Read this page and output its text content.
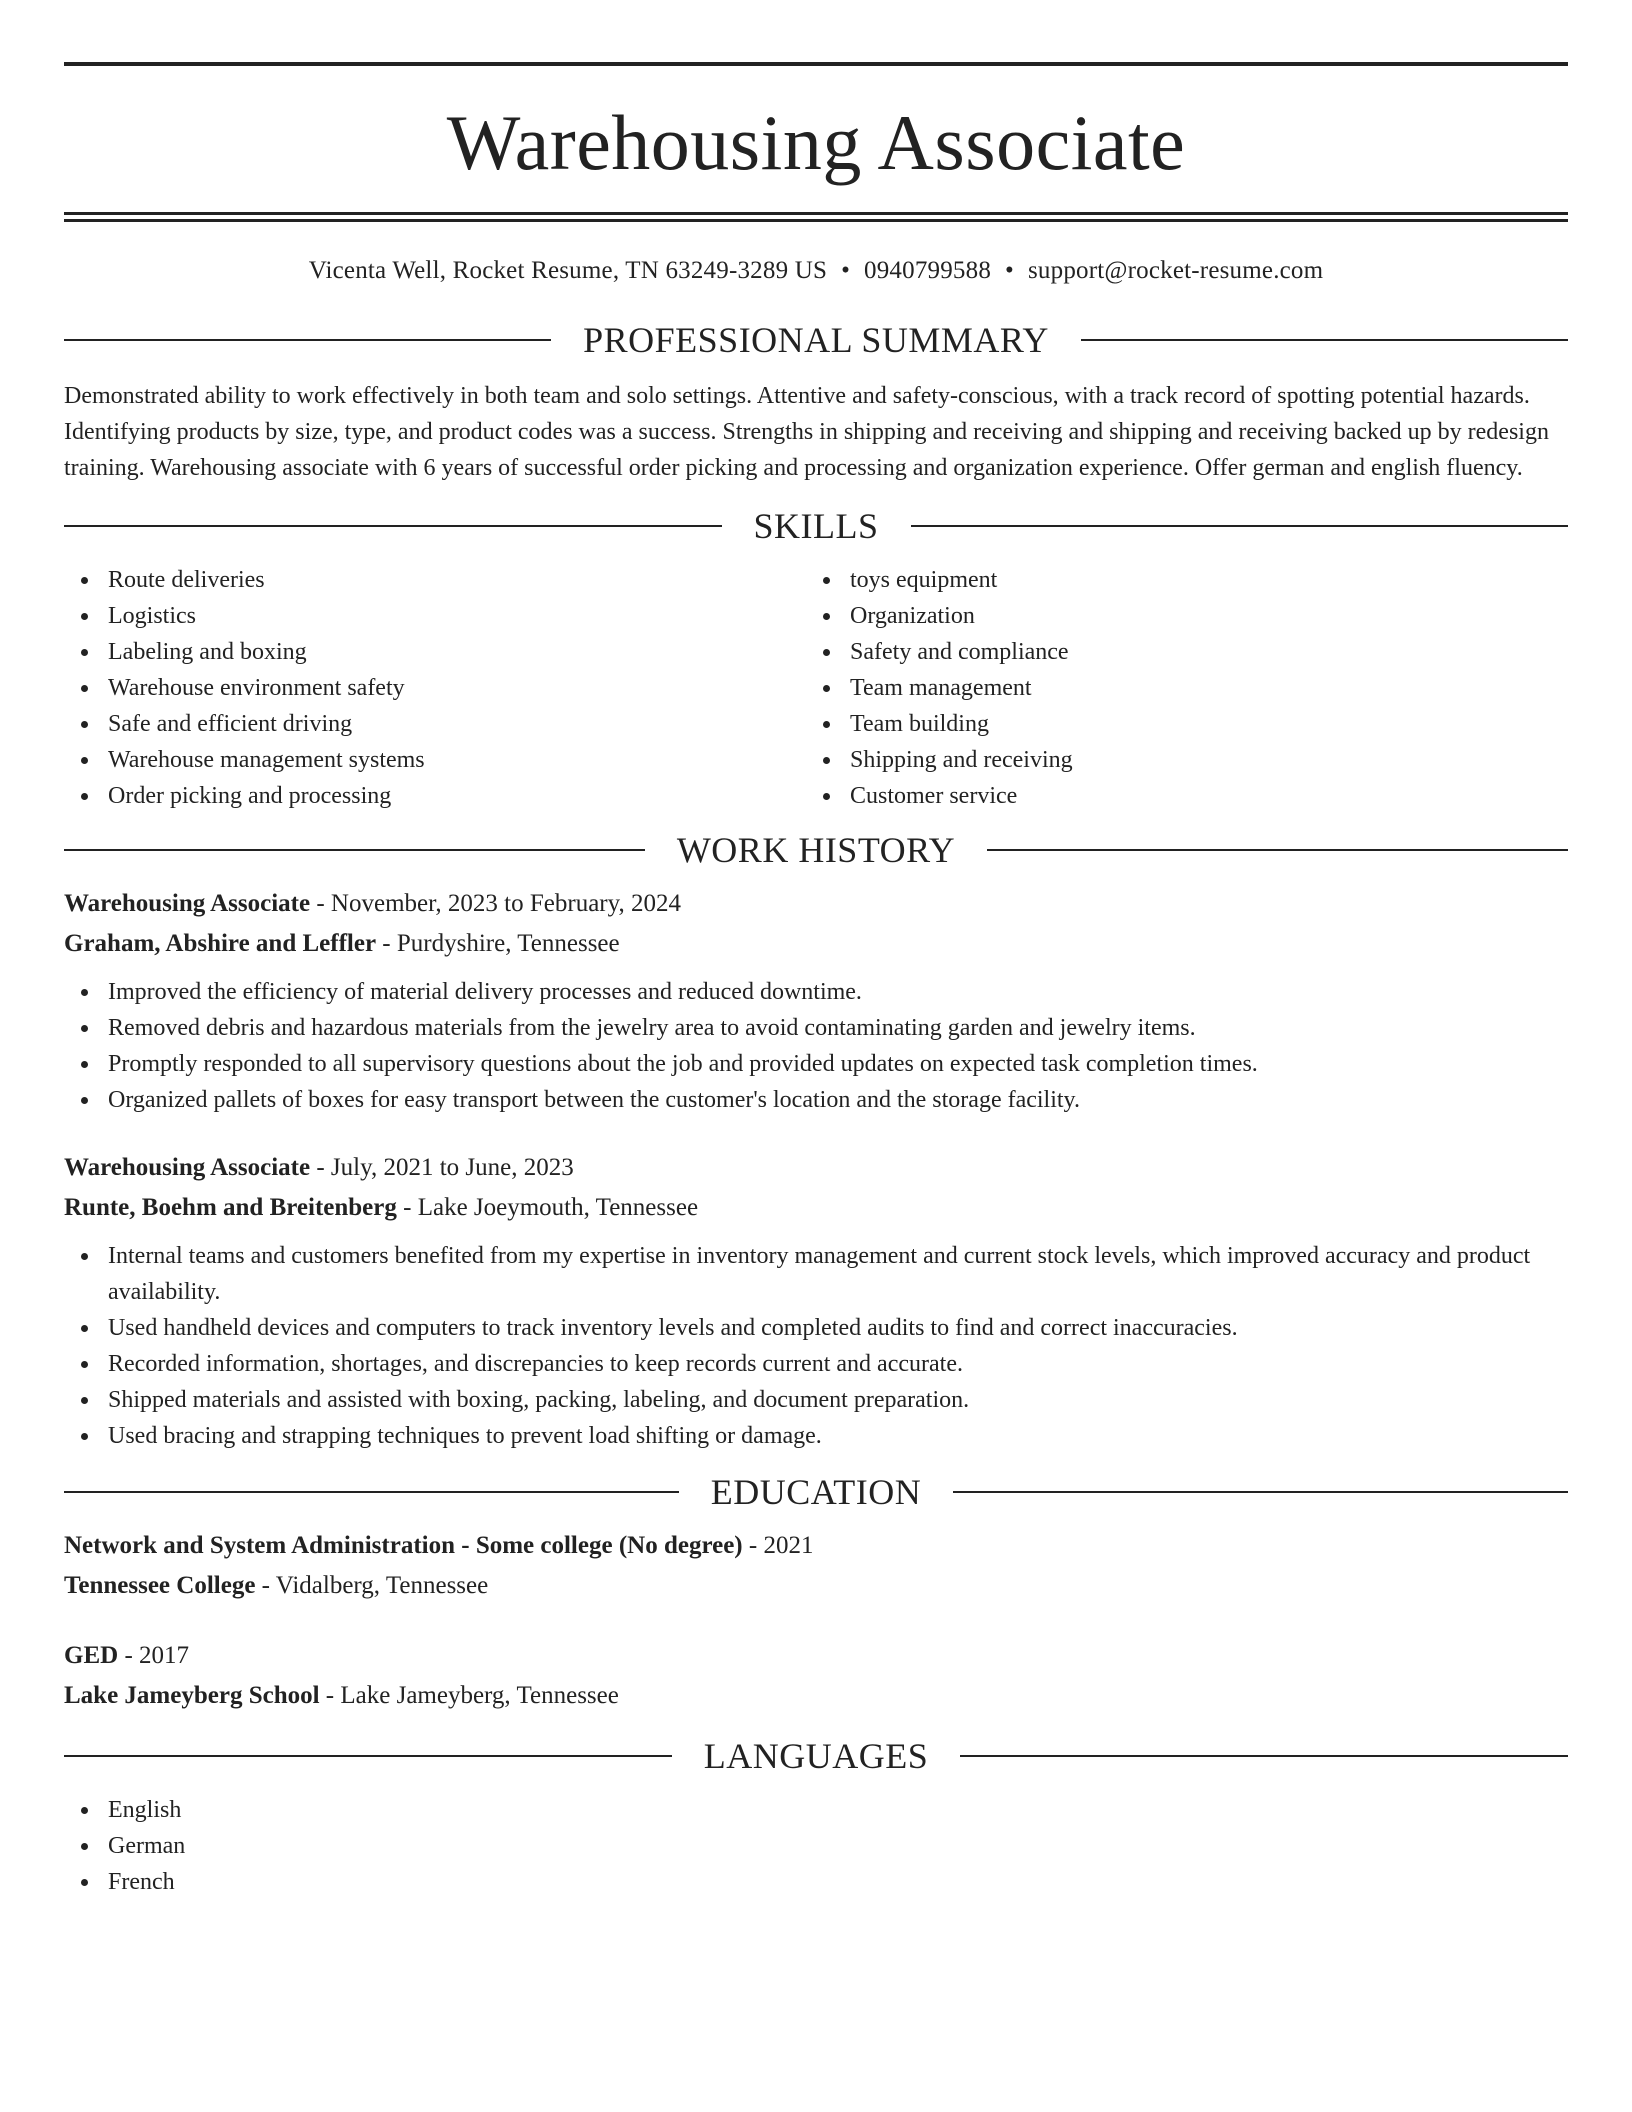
Warehousing Associate
Vicenta Well, Rocket Resume, TN 63249-3289 US • 0940799588 • support@rocket-resume.com
PROFESSIONAL SUMMARY

Demonstrated ability to work effectively in both team and solo settings. Attentive and safety-conscious, with a track record of spotting potential hazards. Identifying products by size, type, and product codes was a success. Strengths in shipping and receiving and shipping and receiving backed up by redesign training. Warehousing associate with 6 years of successful order picking and processing and organization experience. Offer german and english fluency.

SKILLS
Route deliveries
Logistics
Labeling and boxing
Warehouse environment safety
Safe and efficient driving
Warehouse management systems
Order picking and processing
toys equipment
Organization
Safety and compliance
Team management
Team building
Shipping and receiving
Customer service
WORK HISTORY
Warehousing Associate - November, 2023 to February, 2024
Graham, Abshire and Leffler - Purdyshire, Tennessee
Improved the efficiency of material delivery processes and reduced downtime.
Removed debris and hazardous materials from the jewelry area to avoid contaminating garden and jewelry items.
Promptly responded to all supervisory questions about the job and provided updates on expected task completion times.
Organized pallets of boxes for easy transport between the customer's location and the storage facility.
Warehousing Associate - July, 2021 to June, 2023
Runte, Boehm and Breitenberg - Lake Joeymouth, Tennessee
Internal teams and customers benefited from my expertise in inventory management and current stock levels, which improved accuracy and product availability.
Used handheld devices and computers to track inventory levels and completed audits to find and correct inaccuracies.
Recorded information, shortages, and discrepancies to keep records current and accurate.
Shipped materials and assisted with boxing, packing, labeling, and document preparation.
Used bracing and strapping techniques to prevent load shifting or damage.
EDUCATION
Network and System Administration - Some college (No degree) - 2021
Tennessee College - Vidalberg, Tennessee
GED - 2017
Lake Jameyberg School - Lake Jameyberg, Tennessee
LANGUAGES
English
German
French
